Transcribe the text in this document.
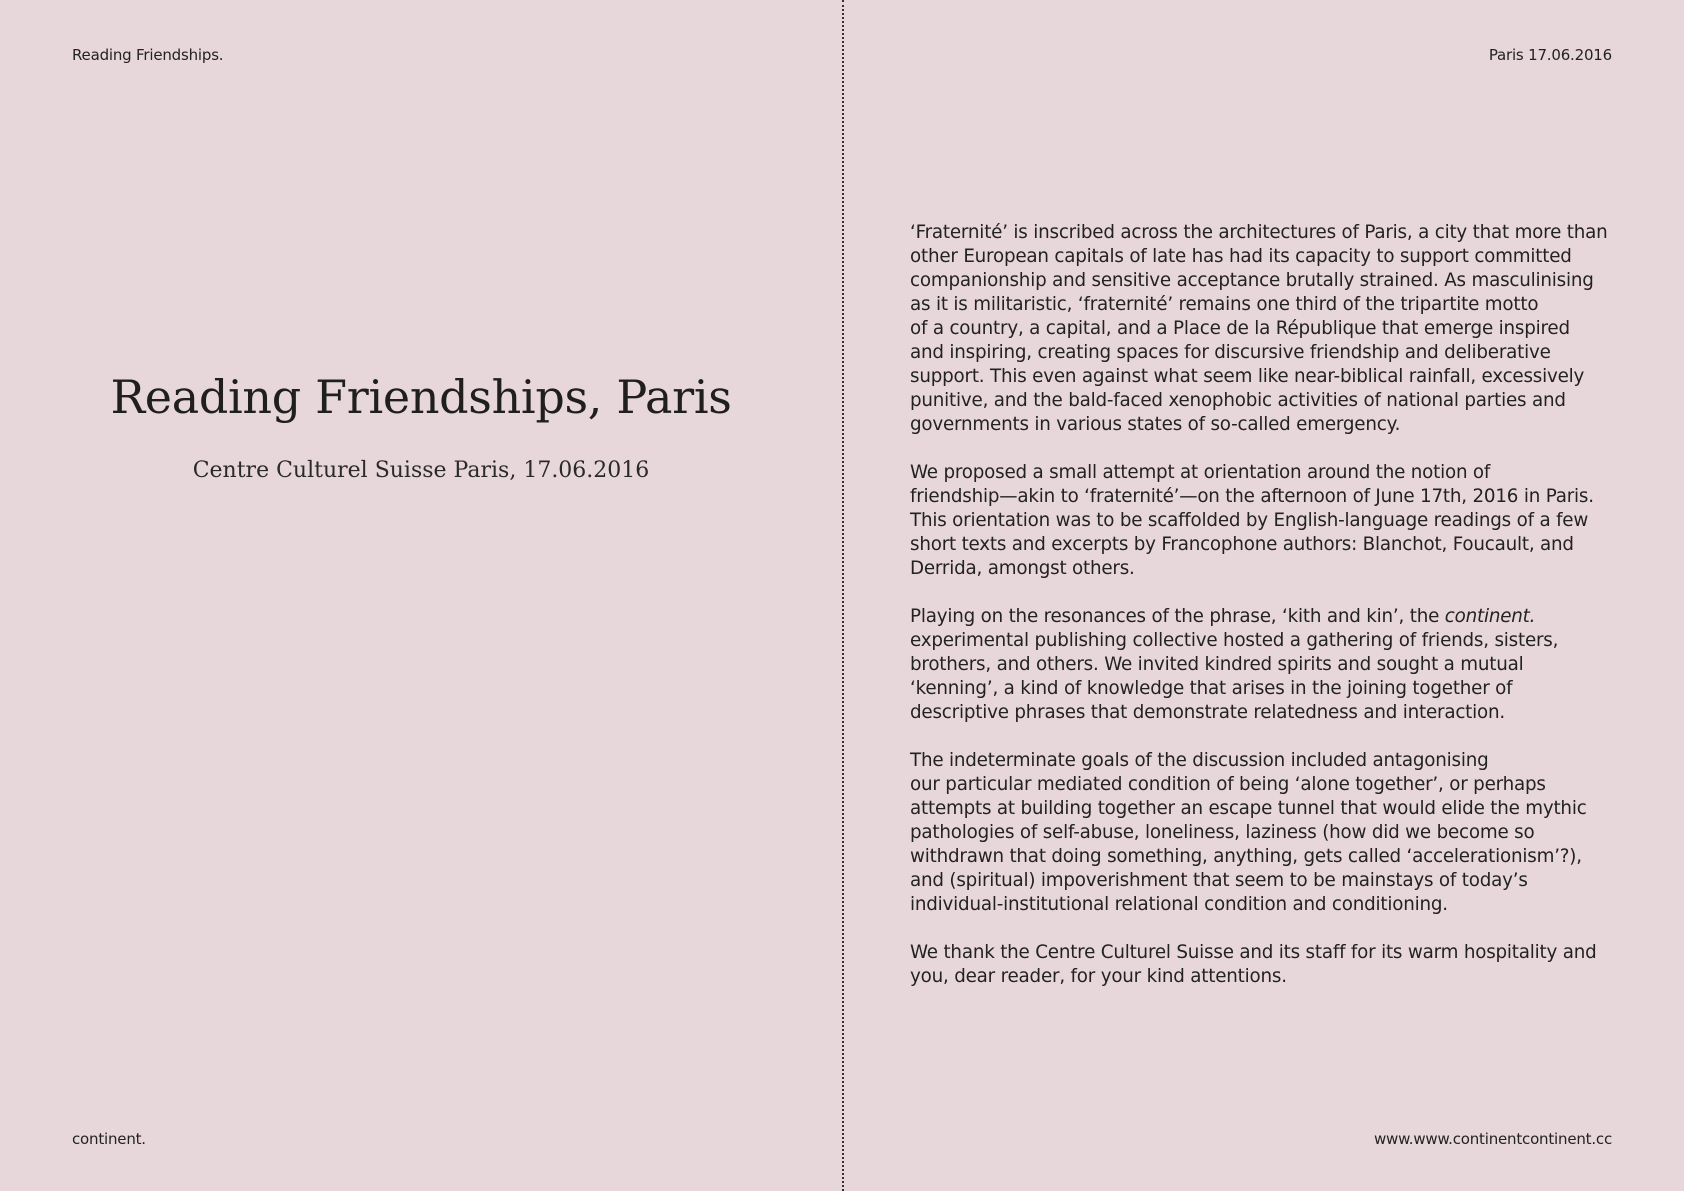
Reading Friendships.
Reading Friendships, Paris
Centre Culturel Suisse Paris, 17.06.2016
continent.
Paris 17.06.2016

‘Fraternité’ is inscribed across the architectures of Paris, a city that more than
other European capitals of late has had its capacity to support committed
companionship and sensitive acceptance brutally strained. As masculinising
as it is militaristic, ‘fraternité’ remains one third of the tripartite motto
of a country, a capital, and a Place de la République that emerge inspired
and inspiring, creating spaces for discursive friendship and deliberative
support. This even against what seem like near-biblical rainfall, excessively
punitive, and the bald-faced xenophobic activities of national parties and
governments in various states of so-called emergency.

We proposed a small attempt at orientation around the notion of
friendship—akin to ‘fraternité’—on the afternoon of June 17th, 2016 in Paris.
This orientation was to be scaffolded by English-language readings of a few
short texts and excerpts by Francophone authors: Blanchot, Foucault, and
Derrida, amongst others.

Playing on the resonances of the phrase, ‘kith and kin’, the continent.
experimental publishing collective hosted a gathering of friends, sisters,
brothers, and others. We invited kindred spirits and sought a mutual
‘kenning’, a kind of knowledge that arises in the joining together of
descriptive phrases that demonstrate relatedness and interaction.

The indeterminate goals of the discussion included antagonising
our particular mediated condition of being ‘alone together’, or perhaps
attempts at building together an escape tunnel that would elide the mythic
pathologies of self-abuse, loneliness, laziness (how did we become so
withdrawn that doing something, anything, gets called ‘accelerationism’?),
and (spiritual) impoverishment that seem to be mainstays of today’s
individual-institutional relational condition and conditioning.

We thank the Centre Culturel Suisse and its staff for its warm hospitality and
you, dear reader, for your kind attentions.

www.www.continentcontinent.cc
